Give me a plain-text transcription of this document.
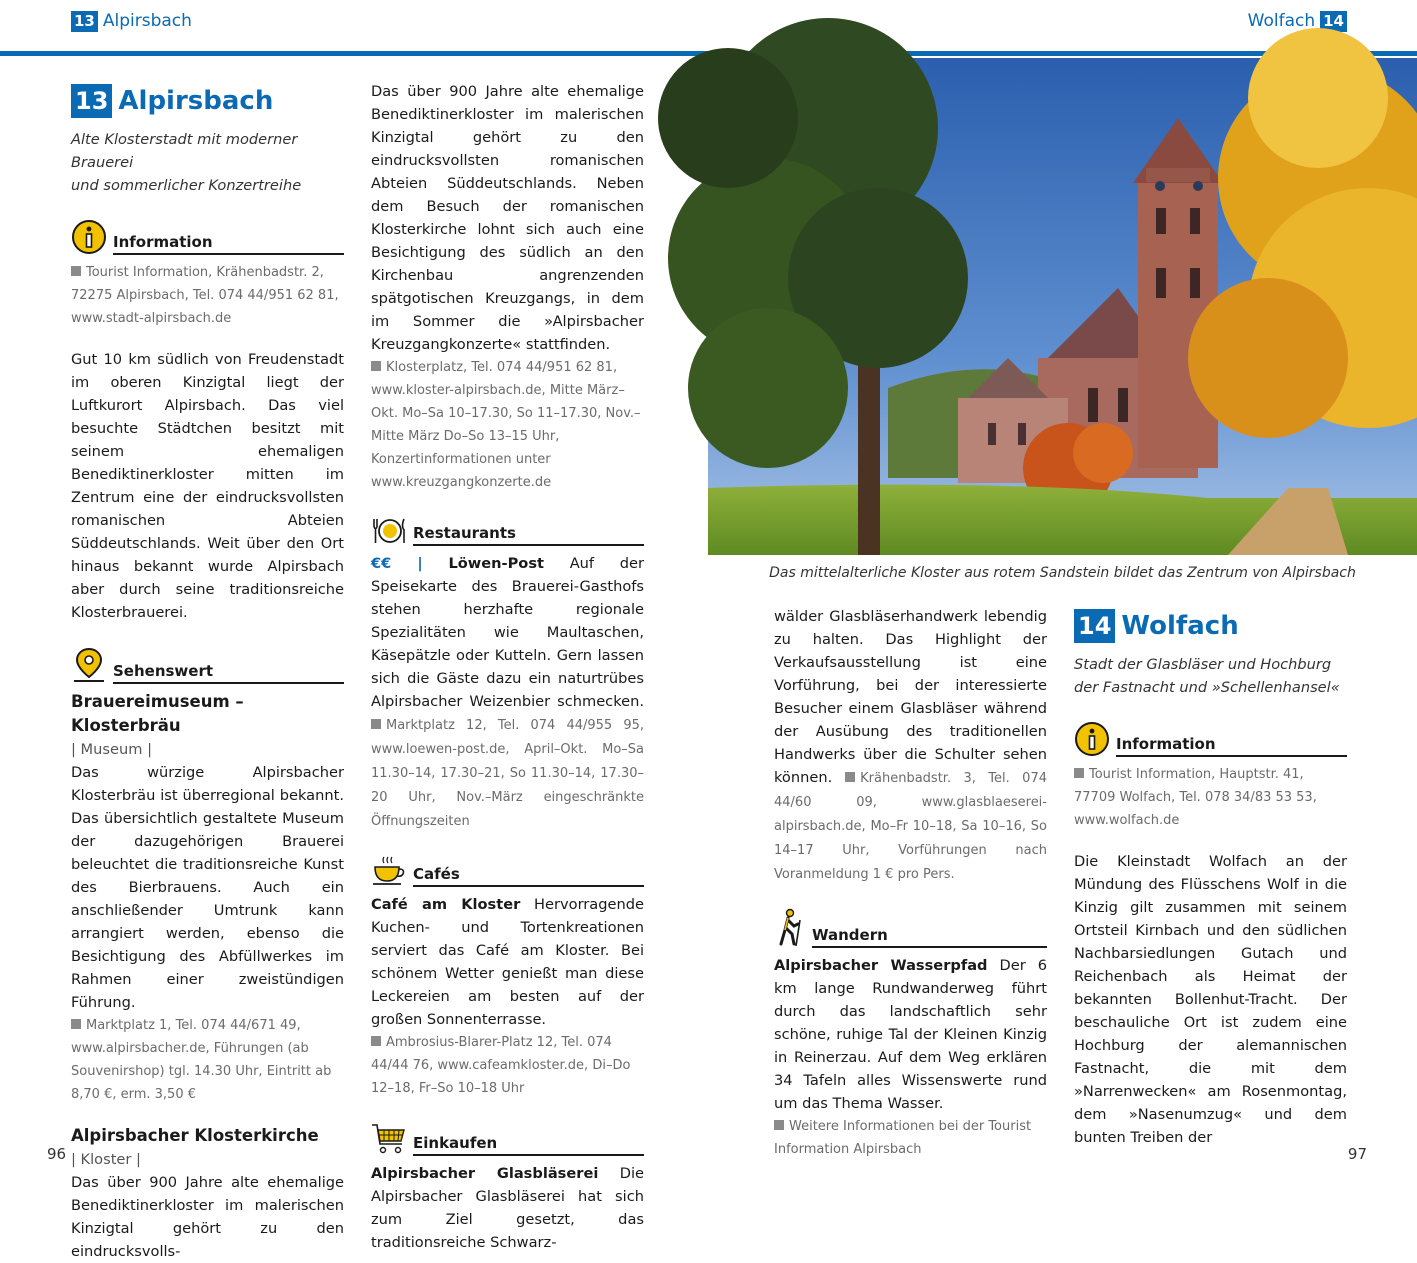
13 Alpirsbach	Wolfach 14
13 Alpirsbach
Alte Klosterstadt mit moderner Brauerei
und sommerlicher Konzertreihe
Information
Tourist Information, Krähenbadstr. 2, 72275 Alpirsbach, Tel. 074 44/951 62 81, www.stadt-alpirsbach.de
Gut 10 km südlich von Freudenstadt im oberen Kinzigtal liegt der Luftkurort Alpirsbach. Das viel besuchte Städtchen besitzt mit seinem ehemaligen Benediktinerkloster mitten im Zentrum eine der eindrucksvollsten romanischen Abteien Süddeutschlands. Weit über den Ort hinaus bekannt wurde Alpirsbach aber durch seine traditionsreiche Klosterbrauerei.
Sehenswert
Brauereimuseum – Klosterbräu
| Museum |
Das würzige Alpirsbacher Klosterbräu ist überregional bekannt. Das übersichtlich gestaltete Museum der dazugehörigen Brauerei beleuchtet die traditionsreiche Kunst des Bierbrauens. Auch ein anschließender Umtrunk kann arrangiert werden, ebenso die Besichtigung des Abfüllwerkes im Rahmen einer zweistündigen Führung.
Marktplatz 1, Tel. 074 44/671 49, www.alpirsbacher.de, Führungen (ab Souvenirshop) tgl. 14.30 Uhr, Eintritt ab 8,70 €, erm. 3,50 €
Alpirsbacher Klosterkirche
| Kloster |
Das über 900 Jahre alte ehemalige Benediktinerkloster im malerischen Kinzigtal gehört zu den eindrucksvolls-
Das über 900 Jahre alte ehemalige Benediktinerkloster im malerischen Kinzigtal gehört zu den eindrucksvollsten romanischen Abteien Süddeutschlands. Neben dem Besuch der romanischen Klosterkirche lohnt sich auch eine Besichtigung des südlich an den Kirchenbau angrenzenden spätgotischen Kreuzgangs, in dem im Sommer die »Alpirsbacher Kreuzgangkonzerte« stattfinden.
Klosterplatz, Tel. 074 44/951 62 81, www.kloster-alpirsbach.de, Mitte März–Okt. Mo–Sa 10–17.30, So 11–17.30, Nov.–Mitte März Do–So 13–15 Uhr, Konzertinformationen unter www.kreuzgangkonzerte.de
Restaurants
€€ | Löwen-Post Auf der Speisekarte des Brauerei-Gasthofs stehen herzhafte regionale Spezialitäten wie Maultaschen, Käsepätzle oder Kutteln. Gern lassen sich die Gäste dazu ein naturtrübes Alpirsbacher Weizenbier schmecken. Marktplatz 12, Tel. 074 44/955 95, www.loewen-post.de, April–Okt. Mo–Sa 11.30–14, 17.30–21, So 11.30–14, 17.30–20 Uhr, Nov.–März eingeschränkte Öffnungszeiten
Cafés
Café am Kloster Hervorragende Kuchen- und Tortenkreationen serviert das Café am Kloster. Bei schönem Wetter genießt man diese Leckereien am besten auf der großen Sonnenterrasse.
Ambrosius-Blarer-Platz 12, Tel. 074 44/44 76, www.cafeamkloster.de, Di–Do 12–18, Fr–So 10–18 Uhr
Einkaufen
Alpirsbacher Glasbläserei Die Alpirsbacher Glasbläserei hat sich zum Ziel gesetzt, das traditionsreiche Schwarz-
Das mittelalterliche Kloster aus rotem Sandstein bildet das Zentrum von Alpirsbach
wälder Glasbläserhandwerk lebendig zu halten. Das Highlight der Verkaufsausstellung ist eine Vorführung, bei der interessierte Besucher einem Glasbläser während der Ausübung des traditionellen Handwerks über die Schulter sehen können. Krähenbadstr. 3, Tel. 074 44/60 09, www.glasblaeserei-alpirsbach.de, Mo–Fr 10–18, Sa 10–16, So 14–17 Uhr, Vorführungen nach Voranmeldung 1 € pro Pers.
Wandern
Alpirsbacher Wasserpfad Der 6 km lange Rundwanderweg führt durch das landschaftlich sehr schöne, ruhige Tal der Kleinen Kinzig in Reinerzau. Auf dem Weg erklären 34 Tafeln alles Wissenswerte rund um das Thema Wasser.
Weitere Informationen bei der Tourist Information Alpirsbach
14 Wolfach
Stadt der Glasbläser und Hochburg
der Fastnacht und »Schellenhansel«
Information
Tourist Information, Hauptstr. 41, 77709 Wolfach, Tel. 078 34/83 53 53, www.wolfach.de
Die Kleinstadt Wolfach an der Mündung des Flüsschens Wolf in die Kinzig gilt zusammen mit seinem Ortsteil Kirnbach und den südlichen Nachbarsiedlungen Gutach und Reichenbach als Heimat der bekannten Bollenhut-Tracht. Der beschauliche Ort ist zudem eine Hochburg der alemannischen Fastnacht, die mit dem »Narrenwecken« am Rosenmontag, dem »Nasenumzug« und dem bunten Treiben der
96	97
